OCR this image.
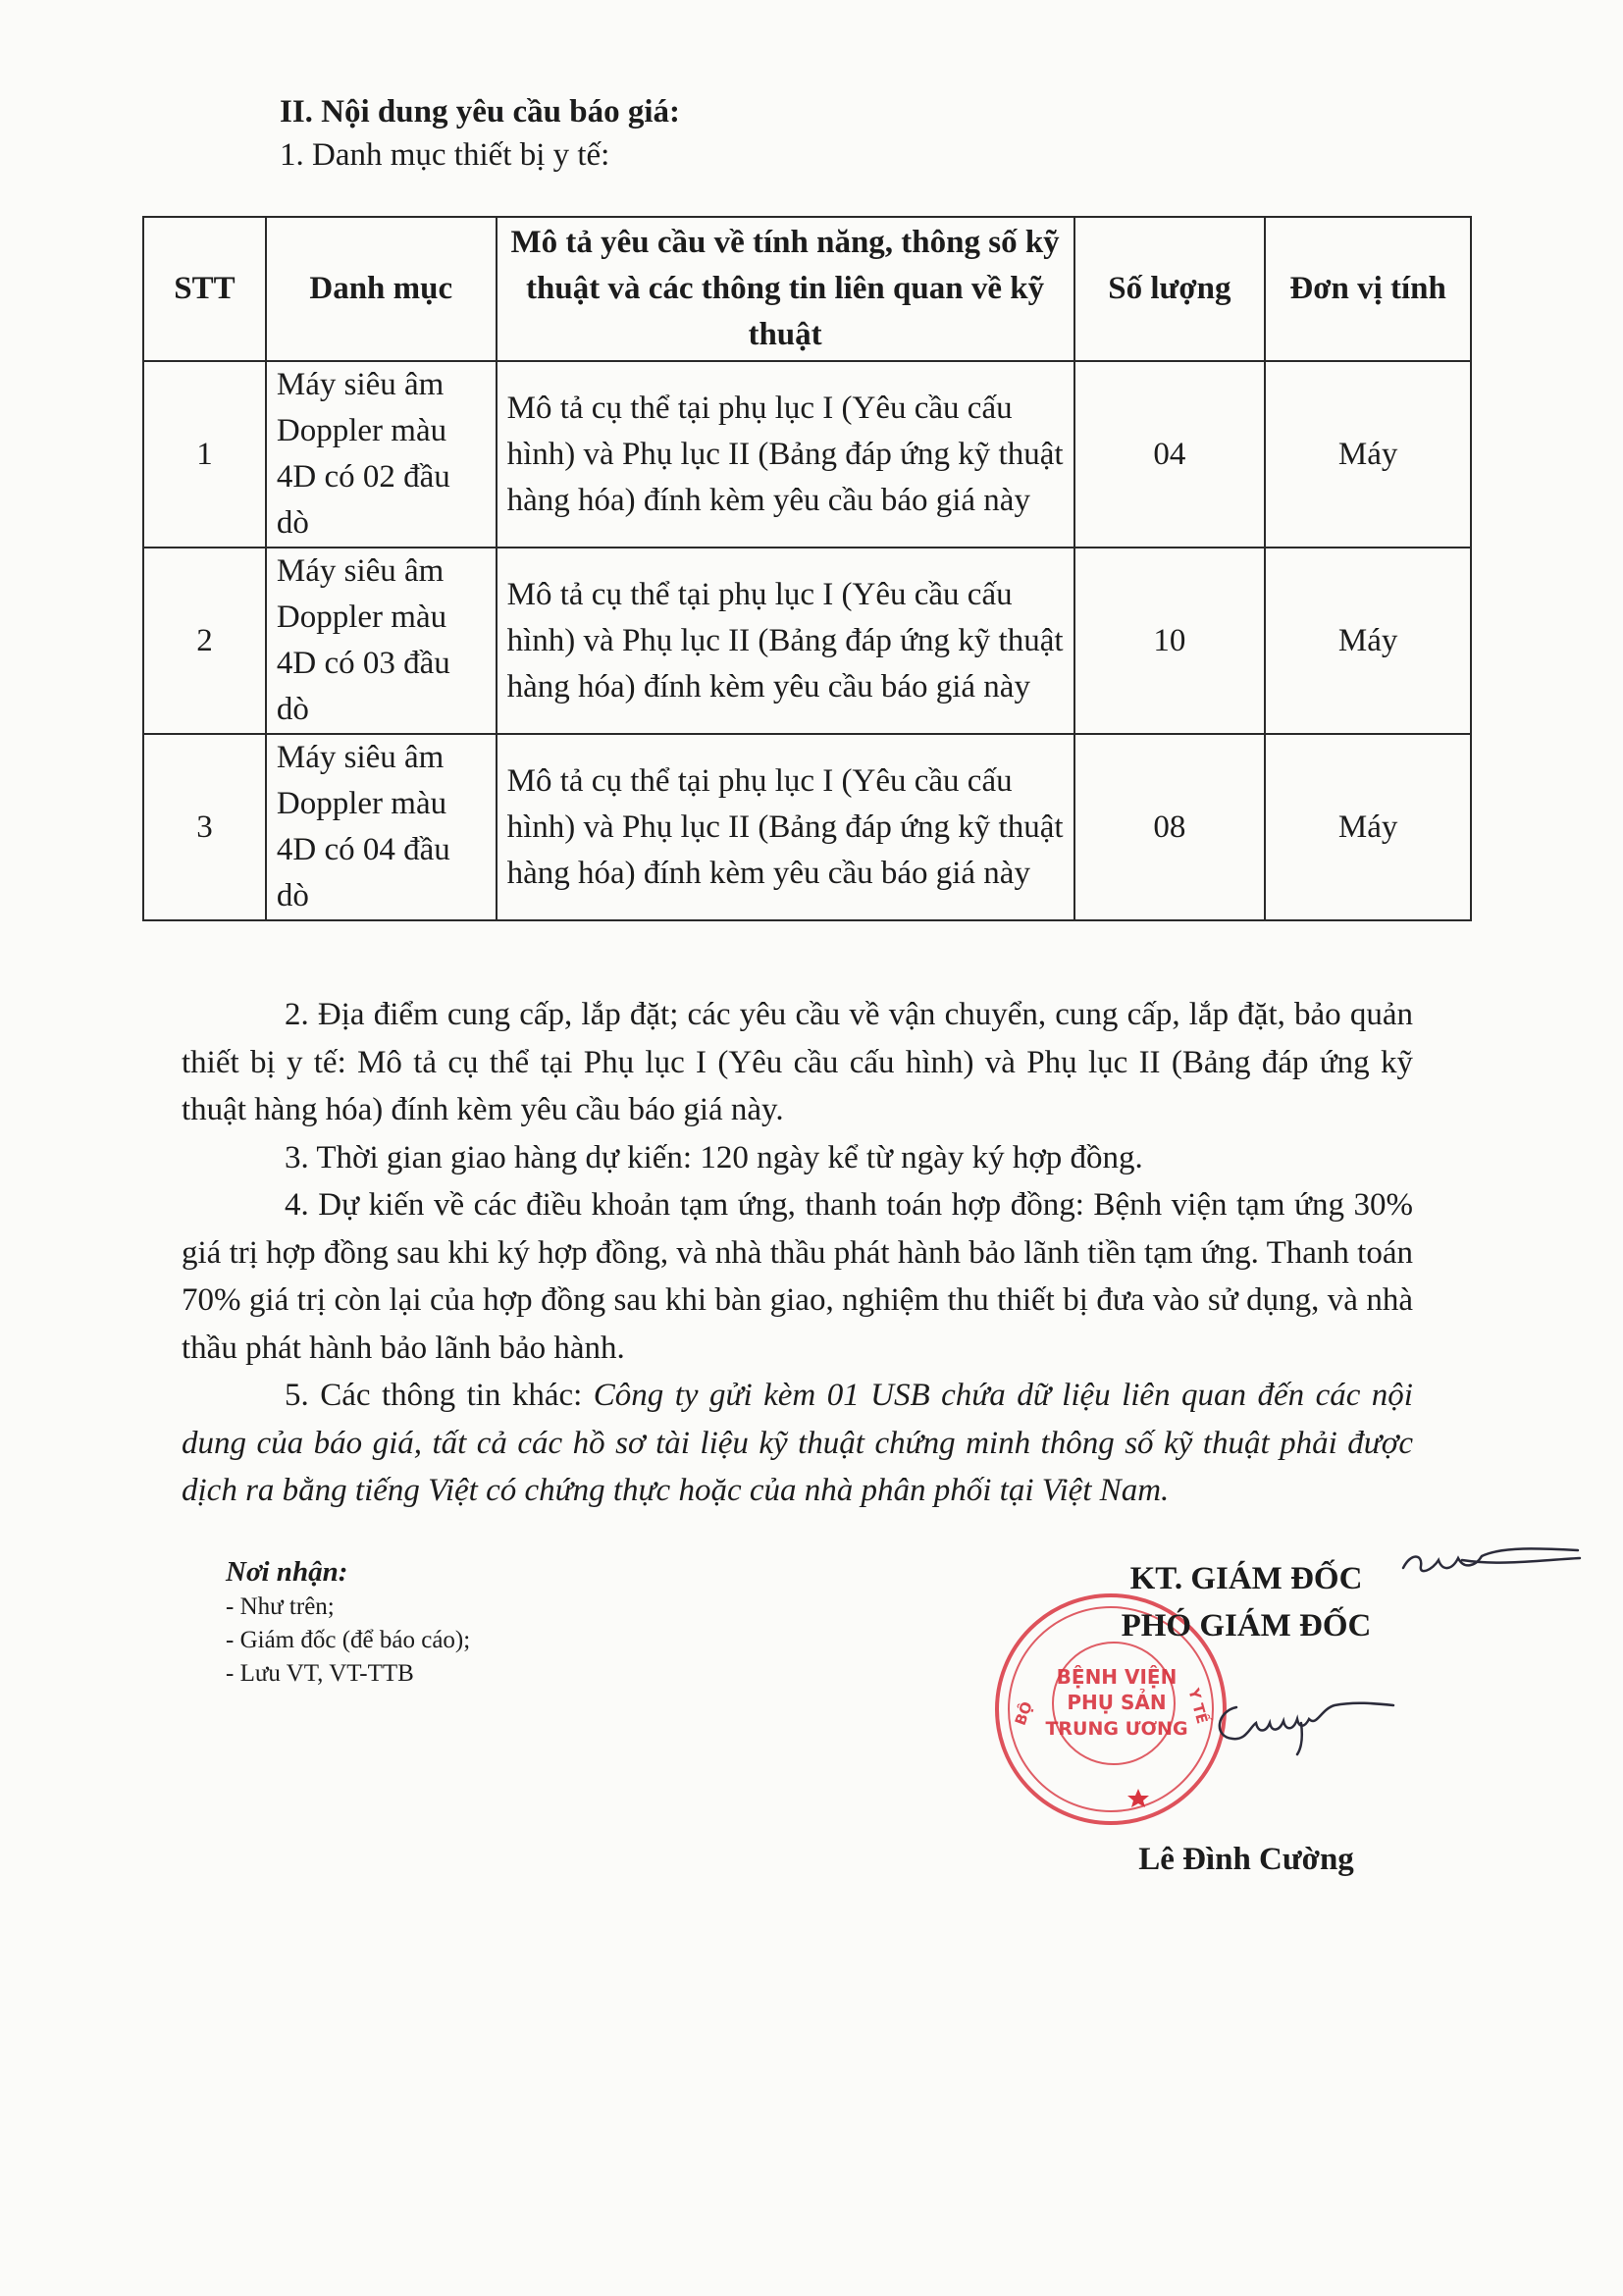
II. Nội dung yêu cầu báo giá:
1. Danh mục thiết bị y tế:
STT	Danh mục	Mô tả yêu cầu về tính năng, thông số kỹ thuật và các thông tin liên quan về kỹ thuật	Số lượng	Đơn vị tính
1	Máy siêu âm Doppler màu 4D có 02 đầu dò	Mô tả cụ thể tại phụ lục I (Yêu cầu cấu hình) và Phụ lục II (Bảng đáp ứng kỹ thuật hàng hóa) đính kèm yêu cầu báo giá này	04	Máy
2	Máy siêu âm Doppler màu 4D có 03 đầu dò	Mô tả cụ thể tại phụ lục I (Yêu cầu cấu hình) và Phụ lục II (Bảng đáp ứng kỹ thuật hàng hóa) đính kèm yêu cầu báo giá này	10	Máy
3	Máy siêu âm Doppler màu 4D có 04 đầu dò	Mô tả cụ thể tại phụ lục I (Yêu cầu cấu hình) và Phụ lục II (Bảng đáp ứng kỹ thuật hàng hóa) đính kèm yêu cầu báo giá này	08	Máy

2. Địa điểm cung cấp, lắp đặt; các yêu cầu về vận chuyển, cung cấp, lắp đặt, bảo quản thiết bị y tế: Mô tả cụ thể tại Phụ lục I (Yêu cầu cấu hình) và Phụ lục II (Bảng đáp ứng kỹ thuật hàng hóa) đính kèm yêu cầu báo giá này.

3. Thời gian giao hàng dự kiến: 120 ngày kể từ ngày ký hợp đồng.

4. Dự kiến về các điều khoản tạm ứng, thanh toán hợp đồng: Bệnh viện tạm ứng 30% giá trị hợp đồng sau khi ký hợp đồng, và nhà thầu phát hành bảo lãnh tiền tạm ứng. Thanh toán 70% giá trị còn lại của hợp đồng sau khi bàn giao, nghiệm thu thiết bị đưa vào sử dụng, và nhà thầu phát hành bảo lãnh bảo hành.

5. Các thông tin khác: Công ty gửi kèm 01 USB chứa dữ liệu liên quan đến các nội dung của báo giá, tất cả các hồ sơ tài liệu kỹ thuật chứng minh thông số kỹ thuật phải được dịch ra bằng tiếng Việt có chứng thực hoặc của nhà phân phối tại Việt Nam.

Nơi nhận:
- Như trên;
- Giám đốc (để báo cáo);
- Lưu VT, VT-TTB	BỆNH VIỆN
PHỤ SẢN
TRUNG ƯƠNG
BỘ	Y TẾ
KT. GIÁM ĐỐC
PHÓ GIÁM ĐỐC
Lê Đình Cường
